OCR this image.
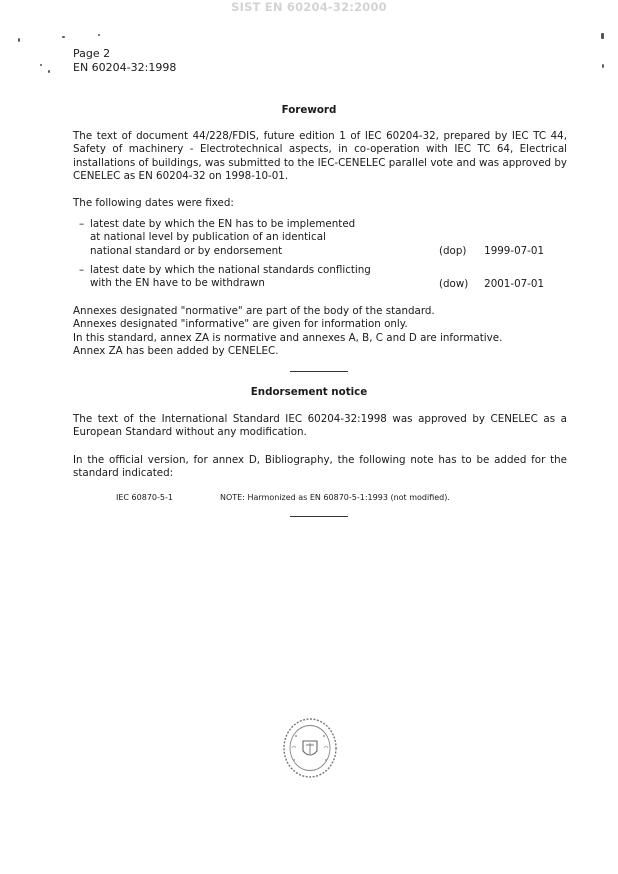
SIST EN 60204-32:2000
Page 2
EN 60204-32:1998
Foreword
The text of document 44/228/FDIS, future edition 1 of IEC 60204-32, prepared by IEC TC 44, Safety of machinery - Electrotechnical aspects, in co-operation with IEC TC 64, Electrical installations of buildings, was submitted to the IEC-CENELEC parallel vote and was approved by CENELEC as EN 60204-32 on 1998-10-01.
The following dates were fixed:
– latest date by which the EN has to be implemented
at national level by publication of an identical
national standard or by endorsement	(dop) 1999-07-01
– latest date by which the national standards conflicting
with the EN have to be withdrawn	(dow) 2001-07-01
Annexes designated "normative" are part of the body of the standard.
Annexes designated "informative" are given for information only.
In this standard, annex ZA is normative and annexes A, B, C and D are informative.
Annex ZA has been added by CENELEC.
Endorsement notice
The text of the International Standard IEC 60204-32:1998 was approved by CENELEC as a European Standard without any modification.
In the official version, for annex D, Bibliography, the following note has to be added for the standard indicated:
IEC 60870-5-1	NOTE: Harmonized as EN 60870-5-1:1993 (not modified).
